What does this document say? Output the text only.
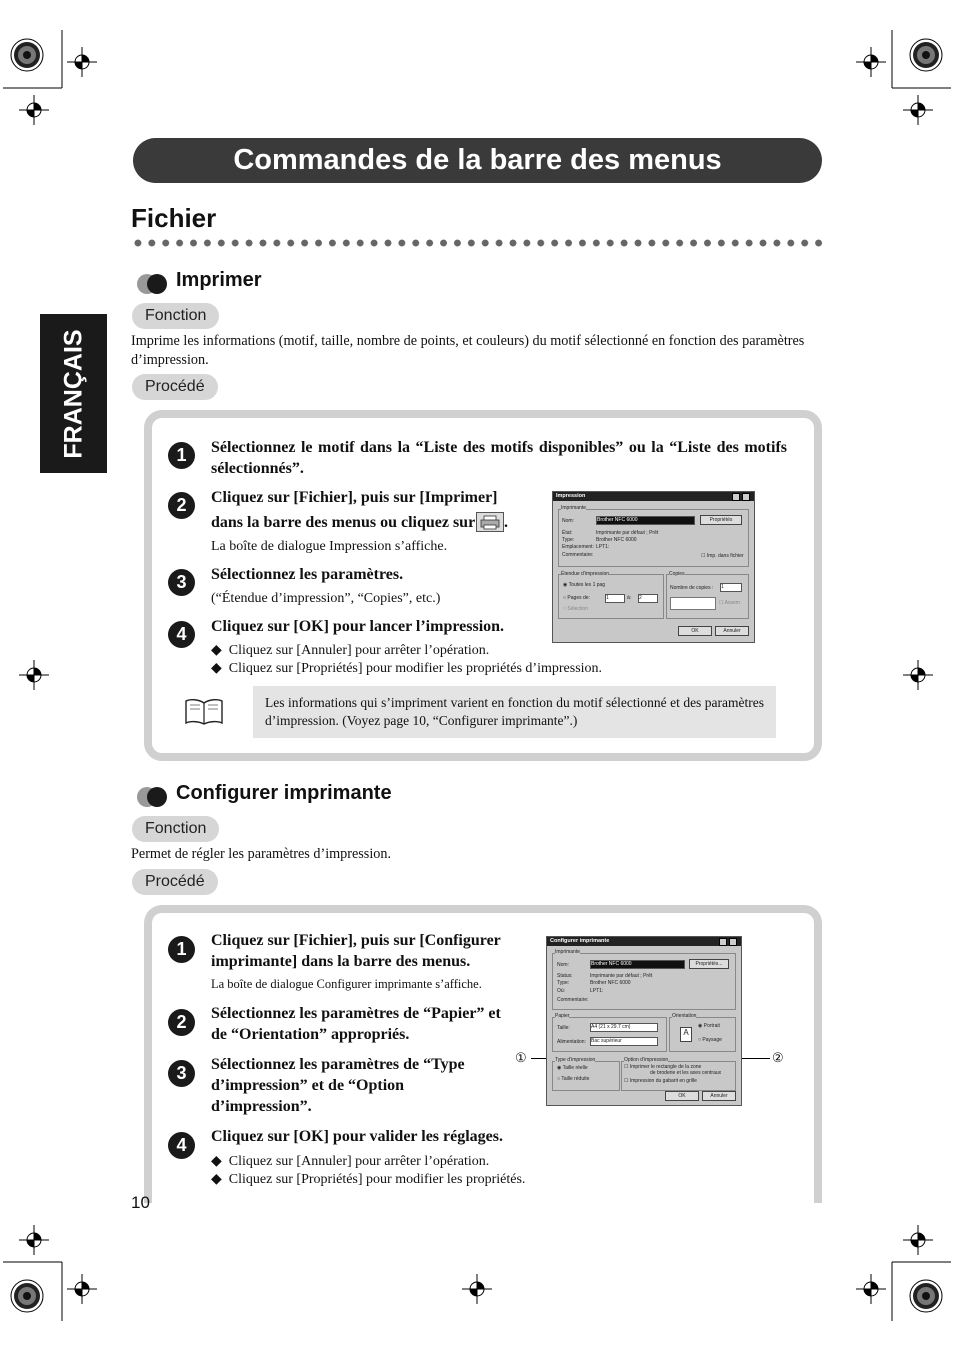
Commandes de la barre des menus
FRANÇAIS
Fichier
Imprimer
Fonction
Imprime les informations (motif, taille, nombre de points, et couleurs) du motif sélectionné en fonction des paramètres d’impression.
Procédé
1	Sélectionnez le motif dans la “Liste des motifs disponibles” ou la “Liste des motifs sélectionnés”.
2	Cliquez sur [Fichier], puis sur [Imprimer]
dans la barre des menus ou cliquez sur .
La boîte de dialogue Impression s’affiche.
3	Sélectionnez les paramètres.
(“Étendue d’impression”, “Copies”, etc.)
4	Cliquez sur [OK] pour lancer l’impression.
◆ Cliquez sur [Annuler] pour arrêter l’opération.
◆ Cliquez sur [Propriétés] pour modifier les propriétés d’impression.
Les informations qui s’impriment varient en fonction du motif sélectionné et des paramètres d’impression. (Voyez page 10, “Configurer imprimante”.)
Impression
Imprimante
Nom:	Brother NFC 6000	Propriétés
État:	Imprimante par défaut ; Prêt
Type:	Brother NFC 6000
Emplacement: LPT1:
Commentaire:	☐ Imp. dans fichier
Étendue d’impression
◉ Toutes les 1 pag
○ Pages de:	1	à: 2
○ Sélection
Copies
Nombre de copies : 1
☐ Assem
OK	Annuler
Configurer imprimante
Fonction
Permet de régler les paramètres d’impression.
Procédé
1	Cliquez sur [Fichier], puis sur [Configurer imprimante] dans la barre des menus.
La boîte de dialogue Configurer imprimante s’affiche.
2	Sélectionnez les paramètres de “Papier” et de “Orientation” appropriés.
3	Sélectionnez les paramètres de “Type d’impression” et de “Option d’impression”.
4	Cliquez sur [OK] pour valider les réglages.
◆ Cliquez sur [Annuler] pour arrêter l’opération.
◆ Cliquez sur [Propriétés] pour modifier les propriétés.
①	②
Configurer imprimante
Imprimante
Nom:	Brother NFC 6000	Propriétés...
Status:	Imprimante par défaut ; Prêt
Type:	Brother NFC 6000
Où:	LPT1:
Commentaire:
Papier
Taille:	A4 (21 x 29.7 cm)
Alimentation: Bac supérieur
Orientation
A
◉ Portrait
○ Paysage
Type d’impression
◉ Taille réelle
○ Taille réduite
Option d’impression
☐ Imprimer le rectangle de la zone
de broderie et les axes centraux
☐ Impression du gabarit en grille
OK	Annuler
10
